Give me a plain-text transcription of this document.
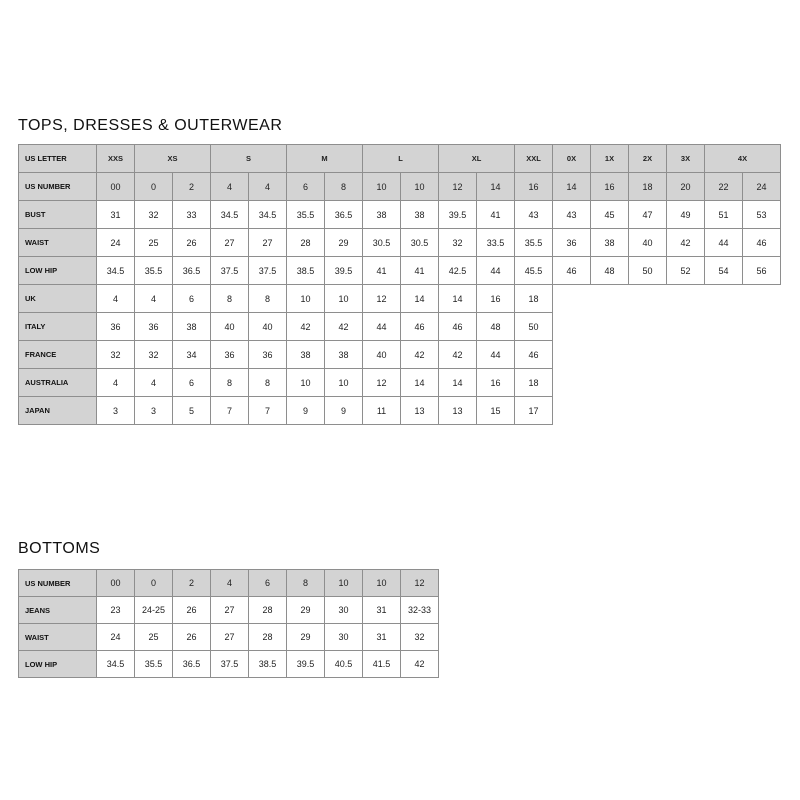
TOPS, DRESSES & OUTERWEAR
US LETTER	XXS	XS		S		M		L		XL		XXL	0X	1X	2X	3X	4X	
US NUMBER	00	0	2	4	4	6	8	10	10	12	14	16	14	16	18	20	22	24
BUST	31	32	33	34.5	34.5	35.5	36.5	38	38	39.5	41	43	43	45	47	49	51	53
WAIST	24	25	26	27	27	28	29	30.5	30.5	32	33.5	35.5	36	38	40	42	44	46
LOW HIP	34.5	35.5	36.5	37.5	37.5	38.5	39.5	41	41	42.5	44	45.5	46	48	50	52	54	56
UK	4	4	6	8	8	10	10	12	14	14	16	18						
ITALY	36	36	38	40	40	42	42	44	46	46	48	50						
FRANCE	32	32	34	36	36	38	38	40	42	42	44	46						
AUSTRALIA	4	4	6	8	8	10	10	12	14	14	16	18						
JAPAN	3	3	5	7	7	9	9	11	13	13	15	17						
BOTTOMS
US NUMBER	00	0	2	4	6	8	10	10	12
JEANS	23	24-25	26	27	28	29	30	31	32-33
WAIST	24	25	26	27	28	29	30	31	32
LOW HIP	34.5	35.5	36.5	37.5	38.5	39.5	40.5	41.5	42
